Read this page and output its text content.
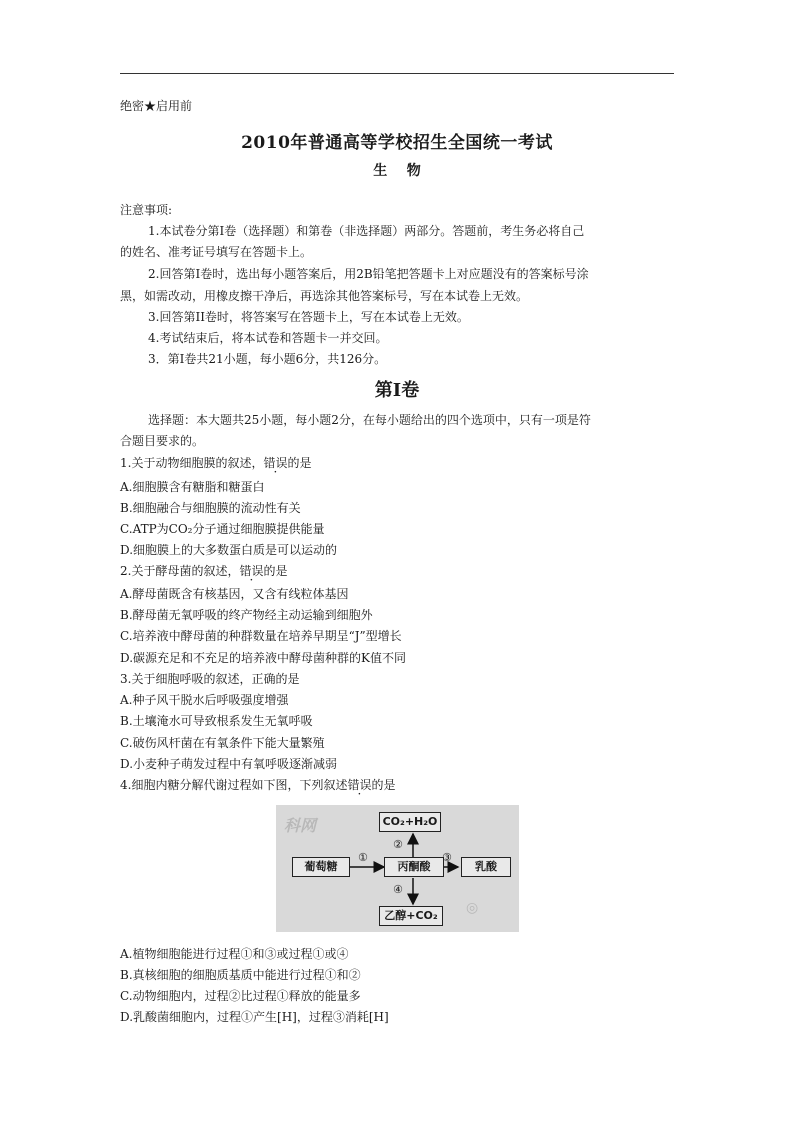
绝密★启用前
2010年普通高等学校招生全国统一考试
生    物
注意事项:
1.本试卷分第Ⅰ卷（选择题）和第卷（非选择题）两部分。答题前，考生务必将自己
的姓名、准考证号填写在答题卡上。
2.回答第Ⅰ卷时，选出每小题答案后，用2B铅笔把答题卡上对应题没有的答案标号涂
黑，如需改动，用橡皮擦干净后，再选涂其他答案标号，写在本试卷上无效。
3.回答第II卷时，将答案写在答题卡上，写在本试卷上无效。
4.考试结束后，将本试卷和答题卡一并交回。
3．第Ⅰ卷共21小题，每小题6分，共126分。
第Ⅰ卷
选择题：本大题共25小题，每小题2分，在每小题给出的四个选项中，只有一项是符
合题目要求的。
1.关于动物细胞膜的叙述，错误的是
A.细胞膜含有糖脂和糖蛋白
B.细胞融合与细胞膜的流动性有关
C.ATP为CO₂分子通过细胞膜提供能量
D.细胞膜上的大多数蛋白质是可以运动的
2.关于酵母菌的叙述，错误的是
A.酵母菌既含有核基因，又含有线粒体基因
B.酵母菌无氧呼吸的终产物经主动运输到细胞外
C.培养液中酵母菌的种群数量在培养早期呈“J”型增长
D.碳源充足和不充足的培养液中酵母菌种群的K值不同
3.关于细胞呼吸的叙述，正确的是
A.种子风干脱水后呼吸强度增强
B.土壤淹水可导致根系发生无氧呼吸
C.破伤风杆菌在有氧条件下能大量繁殖
D.小麦种子萌发过程中有氧呼吸逐渐减弱
4.细胞内糖分解代谢过程如下图，下列叙述错误的是
科网
◎
CO₂+H₂O
葡萄糖	丙酮酸	乳酸
乙醇+CO₂
①	③
②
④
A.植物细胞能进行过程①和③或过程①或④
B.真核细胞的细胞质基质中能进行过程①和②
C.动物细胞内，过程②比过程①释放的能量多
D.乳酸菌细胞内，过程①产生[H]，过程③消耗[H]
